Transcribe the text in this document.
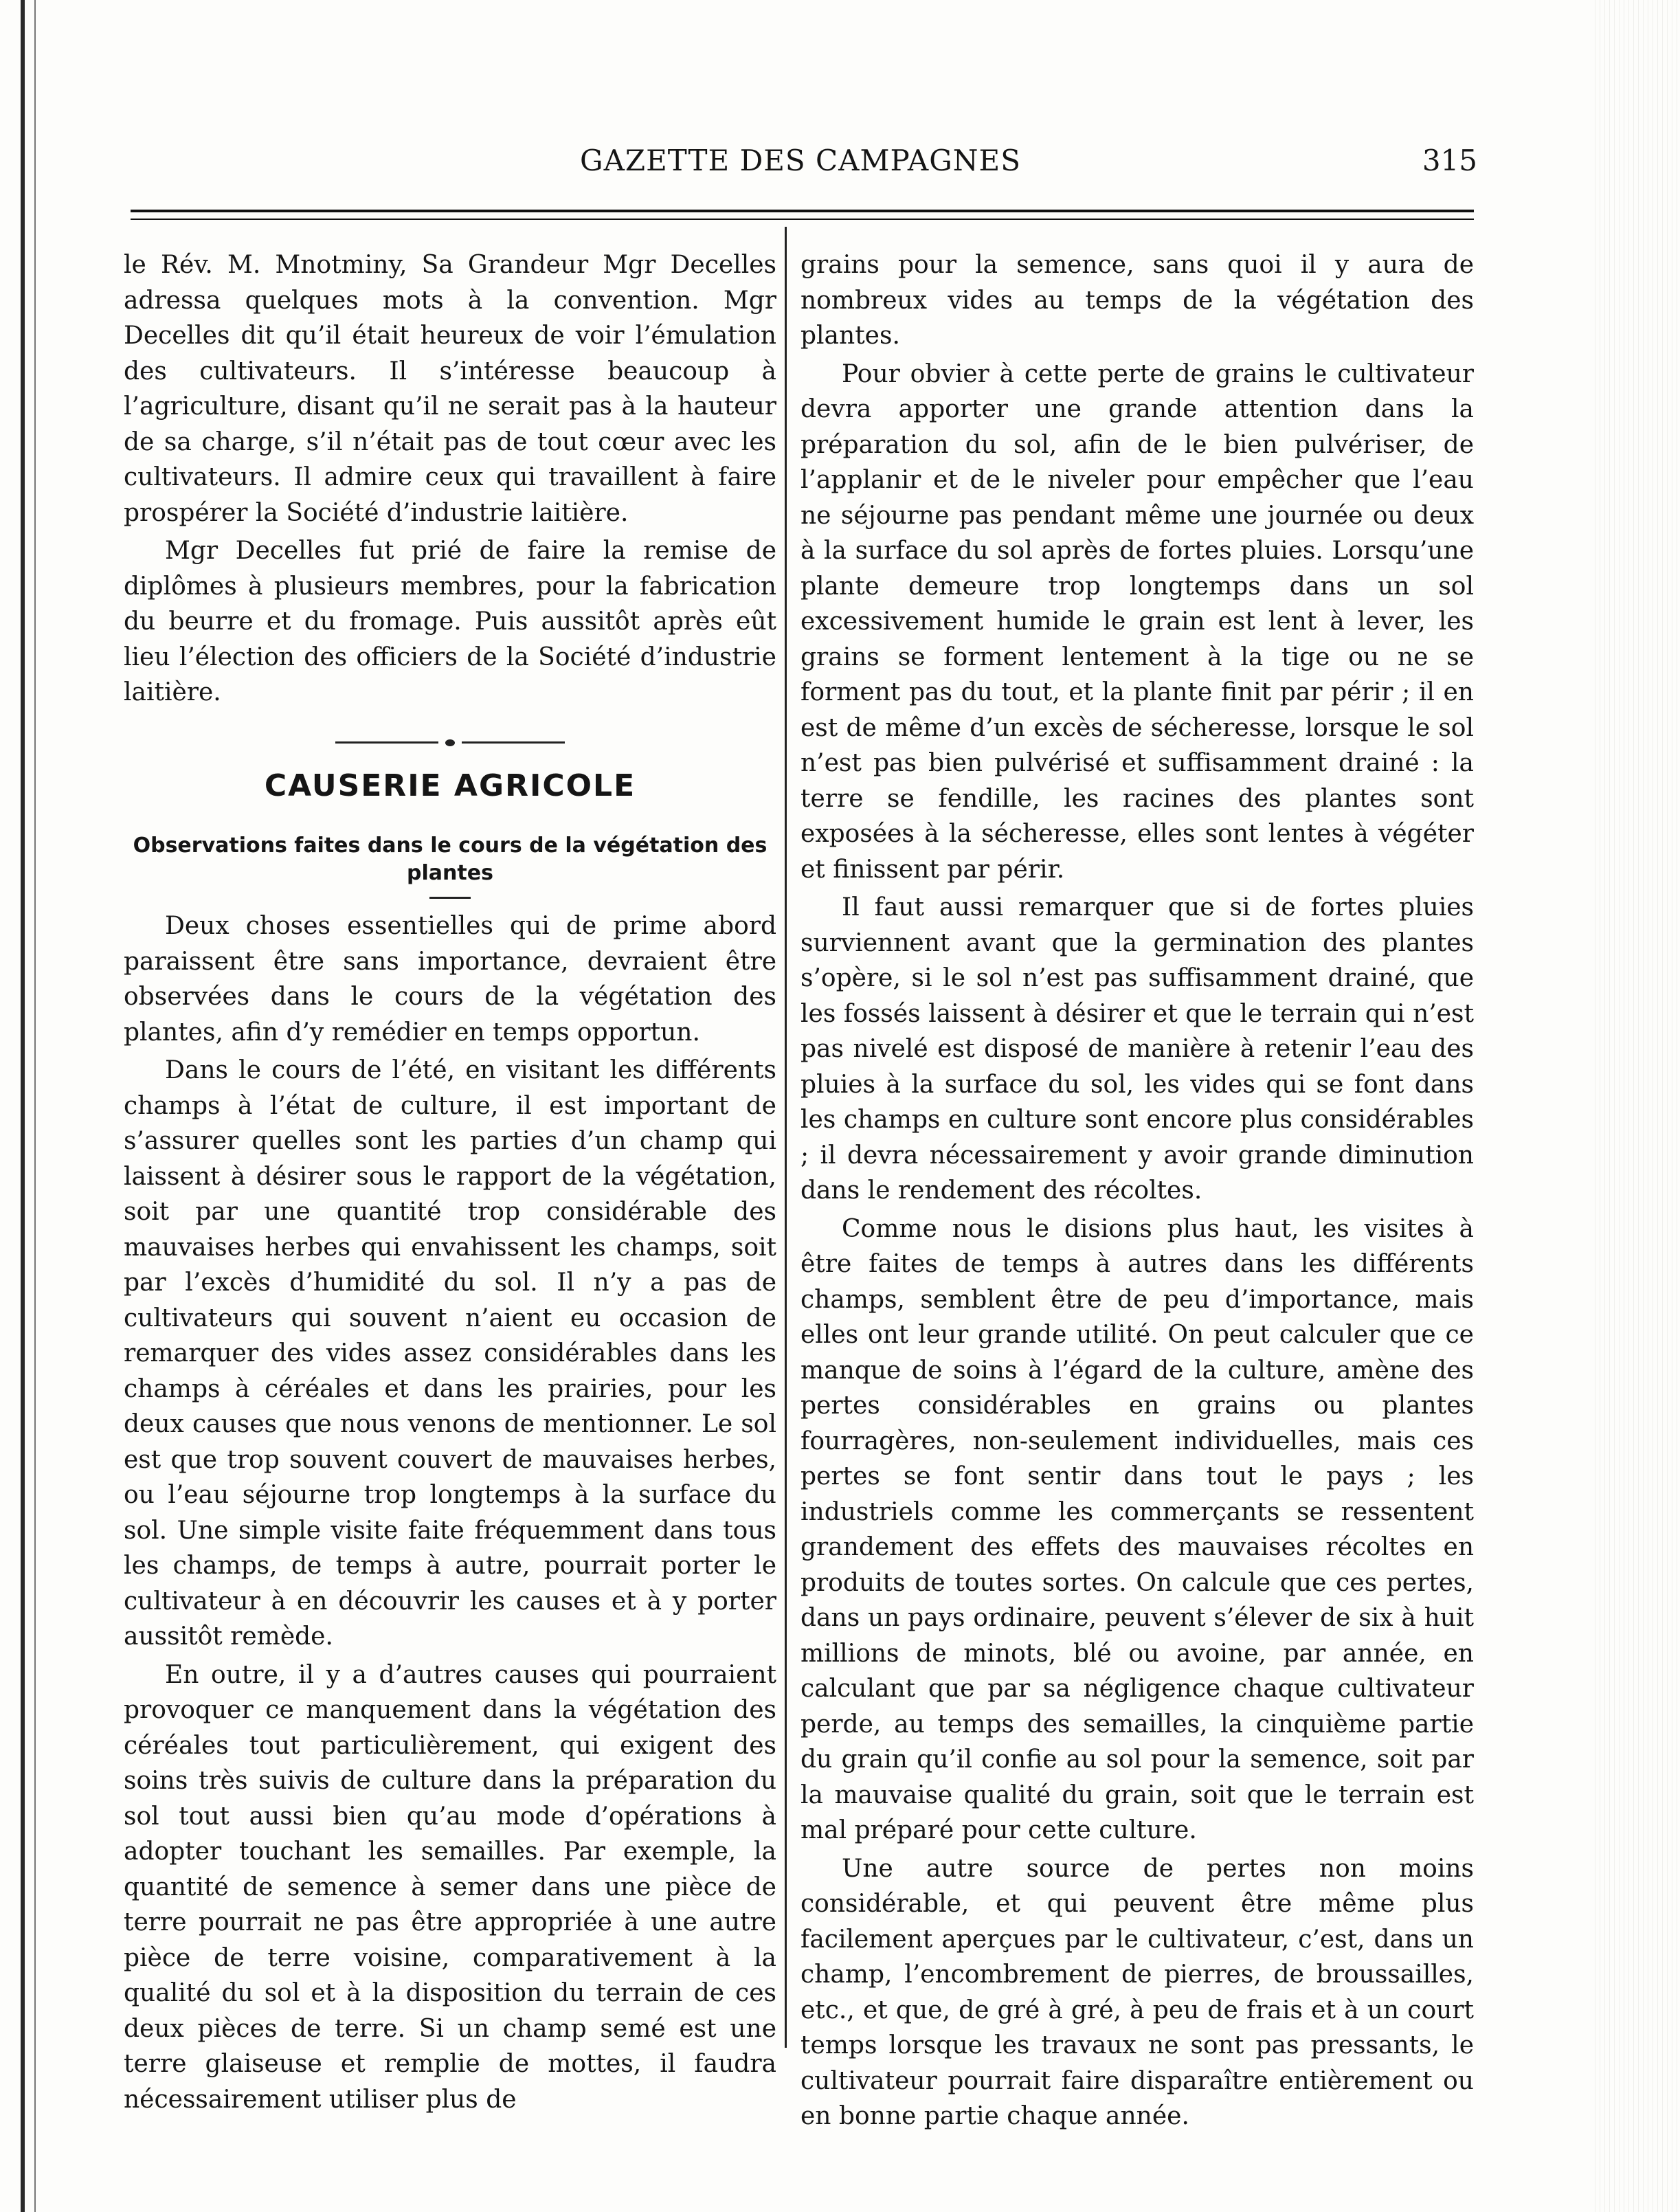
GAZETTE DES CAMPAGNES	315

le Rév. M. Mnotminy, Sa Grandeur Mgr Decelles adressa quelques mots à la convention. Mgr Decelles dit qu’il était heureux de voir l’émulation des cultivateurs. Il s’intéresse beaucoup à l’agriculture, disant qu’il ne serait pas à la hauteur de sa charge, s’il n’était pas de tout cœur avec les cultivateurs. Il admire ceux qui travaillent à faire prospérer la Société d’industrie laitière.

Mgr Decelles fut prié de faire la remise de diplômes à plusieurs membres, pour la fabrication du beurre et du fromage. Puis aussitôt après eût lieu l’élection des officiers de la Société d’industrie laitière.

CAUSERIE AGRICOLE
Observations faites dans le cours de la végétation des plantes

Deux choses essentielles qui de prime abord paraissent être sans importance, devraient être observées dans le cours de la végétation des plantes, afin d’y remédier en temps opportun.

Dans le cours de l’été, en visitant les différents champs à l’état de culture, il est important de s’assurer quelles sont les parties d’un champ qui laissent à désirer sous le rapport de la végétation, soit par une quantité trop considérable des mauvaises herbes qui envahissent les champs, soit par l’excès d’humidité du sol. Il n’y a pas de cultivateurs qui souvent n’aient eu occasion de remarquer des vides assez considérables dans les champs à céréales et dans les prairies, pour les deux causes que nous venons de mentionner. Le sol est que trop souvent couvert de mauvaises herbes, ou l’eau séjourne trop longtemps à la surface du sol. Une simple visite faite fréquemment dans tous les champs, de temps à autre, pourrait porter le cultivateur à en découvrir les causes et à y porter aussitôt remède.

En outre, il y a d’autres causes qui pourraient provoquer ce manquement dans la végétation des céréales tout particulièrement, qui exigent des soins très suivis de culture dans la préparation du sol tout aussi bien qu’au mode d’opérations à adopter touchant les semailles. Par exemple, la quantité de semence à semer dans une pièce de terre pourrait ne pas être appropriée à une autre pièce de terre voisine, comparativement à la qualité du sol et à la disposition du terrain de ces deux pièces de terre. Si un champ semé est une terre glaiseuse et remplie de mottes, il faudra nécessairement utiliser plus de

grains pour la semence, sans quoi il y aura de nombreux vides au temps de la végétation des plantes.

Pour obvier à cette perte de grains le cultivateur devra apporter une grande attention dans la préparation du sol, afin de le bien pulvériser, de l’applanir et de le niveler pour empêcher que l’eau ne séjourne pas pendant même une journée ou deux à la surface du sol après de fortes pluies. Lorsqu’une plante demeure trop longtemps dans un sol excessivement humide le grain est lent à lever, les grains se forment lentement à la tige ou ne se forment pas du tout, et la plante finit par périr ; il en est de même d’un excès de sécheresse, lorsque le sol n’est pas bien pulvérisé et suffisamment drainé : la terre se fendille, les racines des plantes sont exposées à la sécheresse, elles sont lentes à végéter et finissent par périr.

Il faut aussi remarquer que si de fortes pluies surviennent avant que la germination des plantes s’opère, si le sol n’est pas suffisamment drainé, que les fossés laissent à désirer et que le terrain qui n’est pas nivelé est disposé de manière à retenir l’eau des pluies à la surface du sol, les vides qui se font dans les champs en culture sont encore plus considérables ; il devra nécessairement y avoir grande diminution dans le rendement des récoltes.

Comme nous le disions plus haut, les visites à être faites de temps à autres dans les différents champs, semblent être de peu d’importance, mais elles ont leur grande utilité. On peut calculer que ce manque de soins à l’égard de la culture, amène des pertes considérables en grains ou plantes fourragères, non-seulement individuelles, mais ces pertes se font sentir dans tout le pays ; les industriels comme les commerçants se ressentent grandement des effets des mauvaises récoltes en produits de toutes sortes. On calcule que ces pertes, dans un pays ordinaire, peuvent s’élever de six à huit millions de minots, blé ou avoine, par année, en calculant que par sa négligence chaque cultivateur perde, au temps des semailles, la cinquième partie du grain qu’il confie au sol pour la semence, soit par la mauvaise qualité du grain, soit que le terrain est mal préparé pour cette culture.

Une autre source de pertes non moins considérable, et qui peuvent être même plus facilement aperçues par le cultivateur, c’est, dans un champ, l’encombrement de pierres, de broussailles, etc., et que, de gré à gré, à peu de frais et à un court temps lorsque les travaux ne sont pas pressants, le cultivateur pourrait faire disparaître entièrement ou en bonne partie chaque année.
